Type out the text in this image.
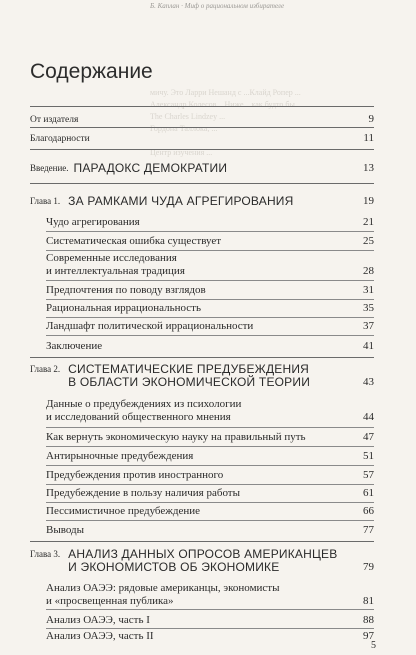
Б. Каплан · Миф о рациональном избирателе
мичу. Это Ларри Нешанд с ...Клайд Ропер ...
Александр Колесов ...Ниже ...как будто бы
The Charles Lindzey ...
Гордона Таллока, ...
Центр изучения ...
Содержание
От издателя	9
Благодарности	11
Введение. ПАРАДОКС ДЕМОКРАТИИ	13
Глава 1. ЗА РАМКАМИ ЧУДА АГРЕГИРОВАНИЯ	19
Чудо агрегирования	21
Систематическая ошибка существует	25
Современные исследования
и интеллектуальная традиция	28
Предпочтения по поводу взглядов	31
Рациональная иррациональность	35
Ландшафт политической иррациональности	37
Заключение	41
Глава 2. СИСТЕМАТИЧЕСКИЕ ПРЕДУБЕЖДЕНИЯ
В ОБЛАСТИ ЭКОНОМИЧЕСКОЙ ТЕОРИИ	43
Данные о предубеждениях из психологии
и исследований общественного мнения	44
Как вернуть экономическую науку на правильный путь	47
Антирыночные предубеждения	51
Предубеждения против иностранного	57
Предубеждение в пользу наличия работы	61
Пессимистичное предубеждение	66
Выводы	77
Глава 3. АНАЛИЗ ДАННЫХ ОПРОСОВ АМЕРИКАНЦЕВ
И ЭКОНОМИСТОВ ОБ ЭКОНОМИКЕ	79
Анализ ОАЭЭ: рядовые американцы, экономисты
и «просвещенная публика»	81
Анализ ОАЭЭ, часть I	88
Анализ ОАЭЭ, часть II	97
5
